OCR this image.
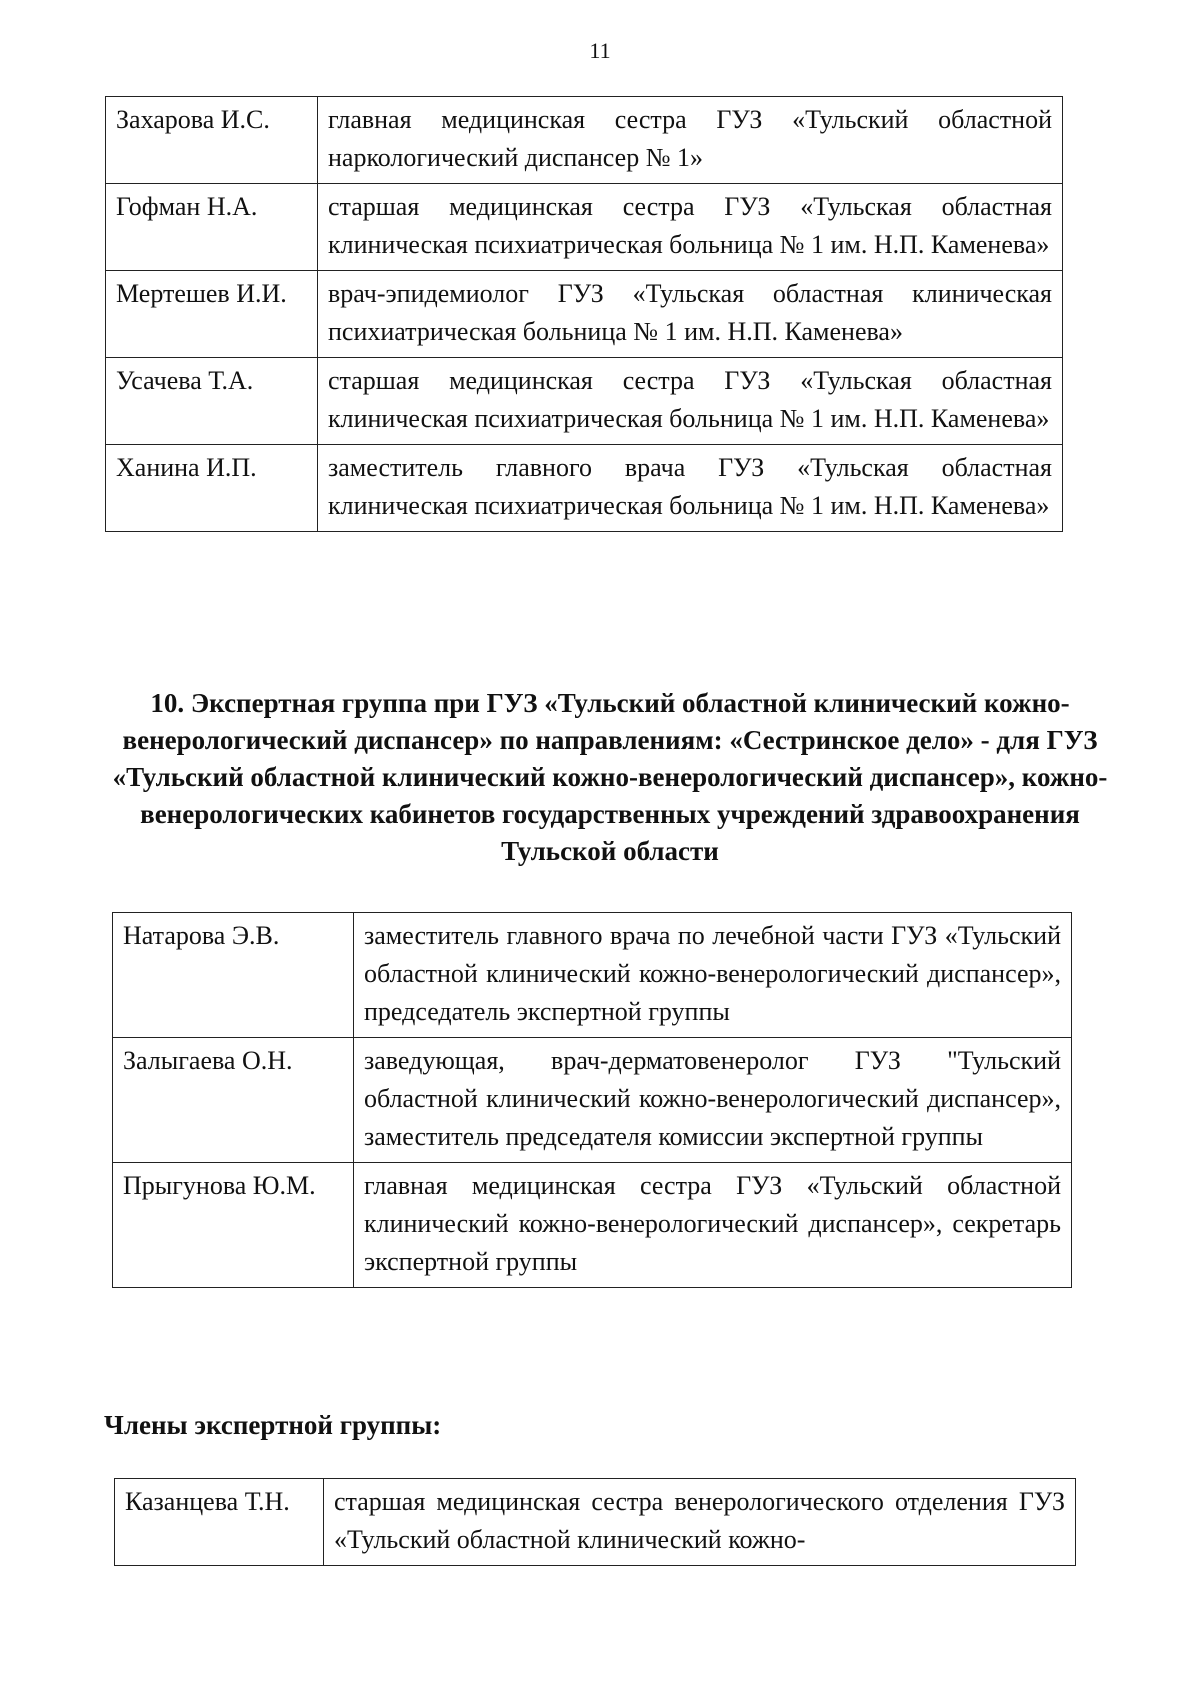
11
Захарова И.С.	главная медицинская сестра ГУЗ «Тульский областной наркологический диспансер № 1»
Гофман Н.А.	старшая медицинская сестра ГУЗ «Тульская областная клиническая психиатрическая больница № 1 им. Н.П. Каменева»
Мертешев И.И.	врач-эпидемиолог ГУЗ «Тульская областная клиническая психиатрическая больница № 1 им. Н.П. Каменева»
Усачева Т.А.	старшая медицинская сестра ГУЗ «Тульская областная клиническая психиатрическая больница № 1 им. Н.П. Каменева»
Ханина И.П.	заместитель главного врача ГУЗ «Тульская областная клиническая психиатрическая больница № 1 им. Н.П. Каменева»
10. Экспертная группа при ГУЗ «Тульский областной клинический кожно-венерологический диспансер» по направлениям: «Сестринское дело» - для ГУЗ «Тульский областной клинический кожно-венерологический диспансер», кожно-венерологических кабинетов государственных учреждений здравоохранения Тульской области
Натарова Э.В.	заместитель главного врача по лечебной части ГУЗ «Тульский областной клинический кожно-венерологический диспансер», председатель экспертной группы
Залыгаева О.Н.	заведующая, врач-дерматовенеролог ГУЗ "Тульский областной клинический кожно-венерологический диспансер», заместитель председателя комиссии экспертной группы
Прыгунова Ю.М.	главная медицинская сестра ГУЗ «Тульский областной клинический кожно-венерологический диспансер», секретарь экспертной группы
Члены экспертной группы:
Казанцева Т.Н.	старшая медицинская сестра венерологического отделения ГУЗ «Тульский областной клинический кожно-
